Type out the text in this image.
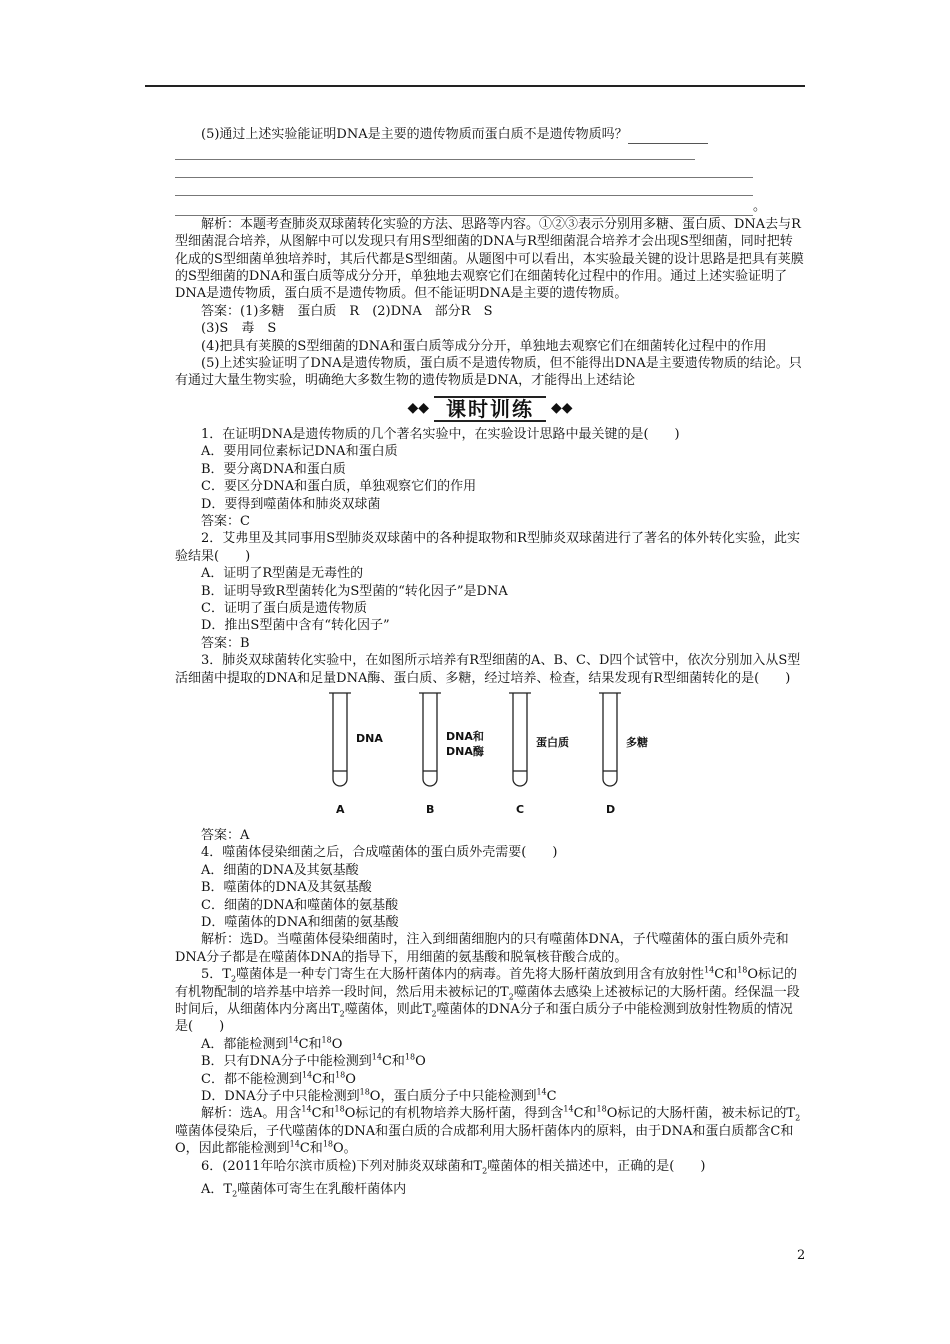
(5)通过上述实验能证明DNA是主要的遗传物质而蛋白质不是遗传物质吗？

。

解析：本题考查肺炎双球菌转化实验的方法、思路等内容。①②③表示分别用多糖、蛋白质、DNA去与R型细菌混合培养，从图解中可以发现只有用S型细菌的DNA与R型细菌混合培养才会出现S型细菌，同时把转化成的S型细菌单独培养时，其后代都是S型细菌。从题图中可以看出，本实验最关键的设计思路是把具有荚膜的S型细菌的DNA和蛋白质等成分分开，单独地去观察它们在细菌转化过程中的作用。通过上述实验证明了DNA是遗传物质，蛋白质不是遗传物质。但不能证明DNA是主要的遗传物质。

答案：(1)多糖　蛋白质　R　(2)DNA　部分R　S

(3)S　毒　S

(4)把具有荚膜的S型细菌的DNA和蛋白质等成分分开，单独地去观察它们在细菌转化过程中的作用

(5)上述实验证明了DNA是遗传物质，蛋白质不是遗传物质，但不能得出DNA是主要遗传物质的结论。只有通过大量生物实验，明确绝大多数生物的遗传物质是DNA，才能得出上述结论

◆◆ 课时训练	◆◆

1．在证明DNA是遗传物质的几个著名实验中，在实验设计思路中最关键的是(　　)

A．要用同位素标记DNA和蛋白质

B．要分离DNA和蛋白质

C．要区分DNA和蛋白质，单独观察它们的作用

D．要得到噬菌体和肺炎双球菌

答案：C

2．艾弗里及其同事用S型肺炎双球菌中的各种提取物和R型肺炎双球菌进行了著名的体外转化实验，此实验结果(　　)

A．证明了R型菌是无毒性的

B．证明导致R型菌转化为S型菌的“转化因子”是DNA

C．证明了蛋白质是遗传物质

D．推出S型菌中含有“转化因子”

答案：B

3．肺炎双球菌转化实验中，在如图所示培养有R型细菌的A、B、C、D四个试管中，依次分别加入从S型活细菌中提取的DNA和足量DNA酶、蛋白质、多糖，经过培养、检查，结果发现有R型细菌转化的是(　　)

DNA	DNA和
DNA酶
蛋白质	多糖
A	B	C	D

答案：A

4．噬菌体侵染细菌之后，合成噬菌体的蛋白质外壳需要(　　)

A．细菌的DNA及其氨基酸

B．噬菌体的DNA及其氨基酸

C．细菌的DNA和噬菌体的氨基酸

D．噬菌体的DNA和细菌的氨基酸

解析：选D。当噬菌体侵染细菌时，注入到细菌细胞内的只有噬菌体DNA，子代噬菌体的蛋白质外壳和DNA分子都是在噬菌体DNA的指导下，用细菌的氨基酸和脱氧核苷酸合成的。

5．$T_2$噬菌体是一种专门寄生在大肠杆菌体内的病毒。首先将大肠杆菌放到用含有放射性$^{14}$C和$^{18}$O标记的有机物配制的培养基中培养一段时间，然后用未被标记的$T_2$噬菌体去感染上述被标记的大肠杆菌。经保温一段时间后，从细菌体内分离出$T_2$噬菌体，则此$T_2$噬菌体的DNA分子和蛋白质分子中能检测到放射性物质的情况是(　　)

A．都能检测到$^{14}$C和$^{18}$O

B．只有DNA分子中能检测到$^{14}$C和$^{18}$O

C．都不能检测到$^{14}$C和$^{18}$O

D．DNA分子中只能检测到$^{18}$O，蛋白质分子中只能检测到$^{14}$C

解析：选A。用含$^{14}$C和$^{18}$O标记的有机物培养大肠杆菌，得到含$^{14}$C和$^{18}$O标记的大肠杆菌，被未标记的$T_2$噬菌体侵染后，子代噬菌体的DNA和蛋白质的合成都利用大肠杆菌体内的原料，由于DNA和蛋白质都含C和O，因此都能检测到$^{14}$C和$^{18}$O。

6．(2011年哈尔滨市质检)下列对肺炎双球菌和$T_2$噬菌体的相关描述中，正确的是(　　)

A．$T_2$噬菌体可寄生在乳酸杆菌体内

2
